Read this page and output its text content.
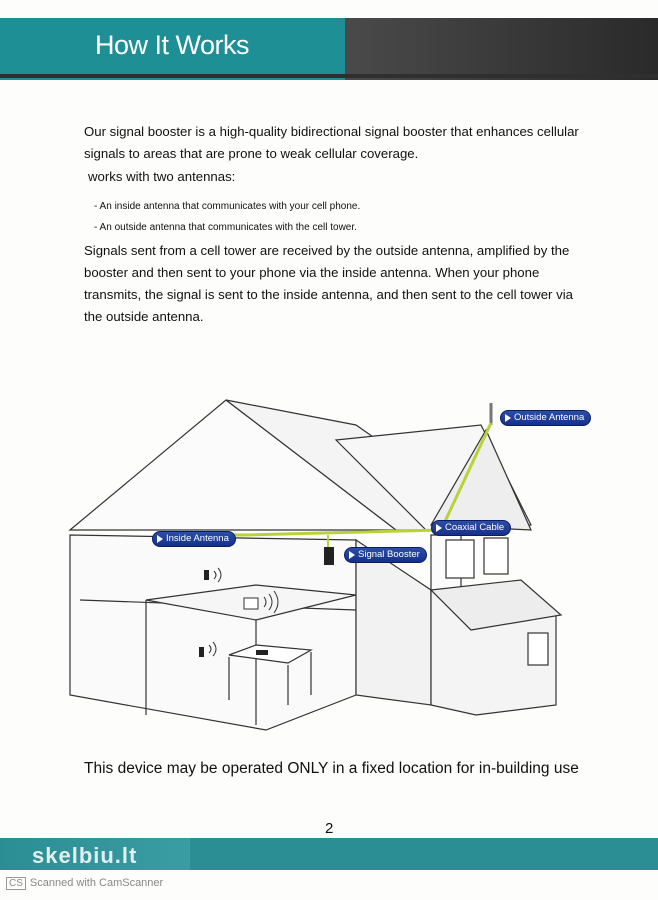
How It Works
Our signal booster is a high-quality bidirectional signal booster that enhances cellular signals to areas that are prone to weak cellular coverage.
works with two antennas:
- An inside antenna that communicates with your cell phone.
- An outside antenna that communicates with the cell tower.
Signals sent from a cell tower are received by the outside antenna, amplified by the booster and then sent to your phone via the inside antenna. When your phone transmits, the signal is sent to the inside antenna, and then sent to the cell tower via the outside antenna.
Outside Antenna
Coaxial Cable
Inside Antenna
Signal Booster
This device may be operated ONLY in a fixed location for in-building use
2
skelbiu.lt
CS Scanned with CamScanner
